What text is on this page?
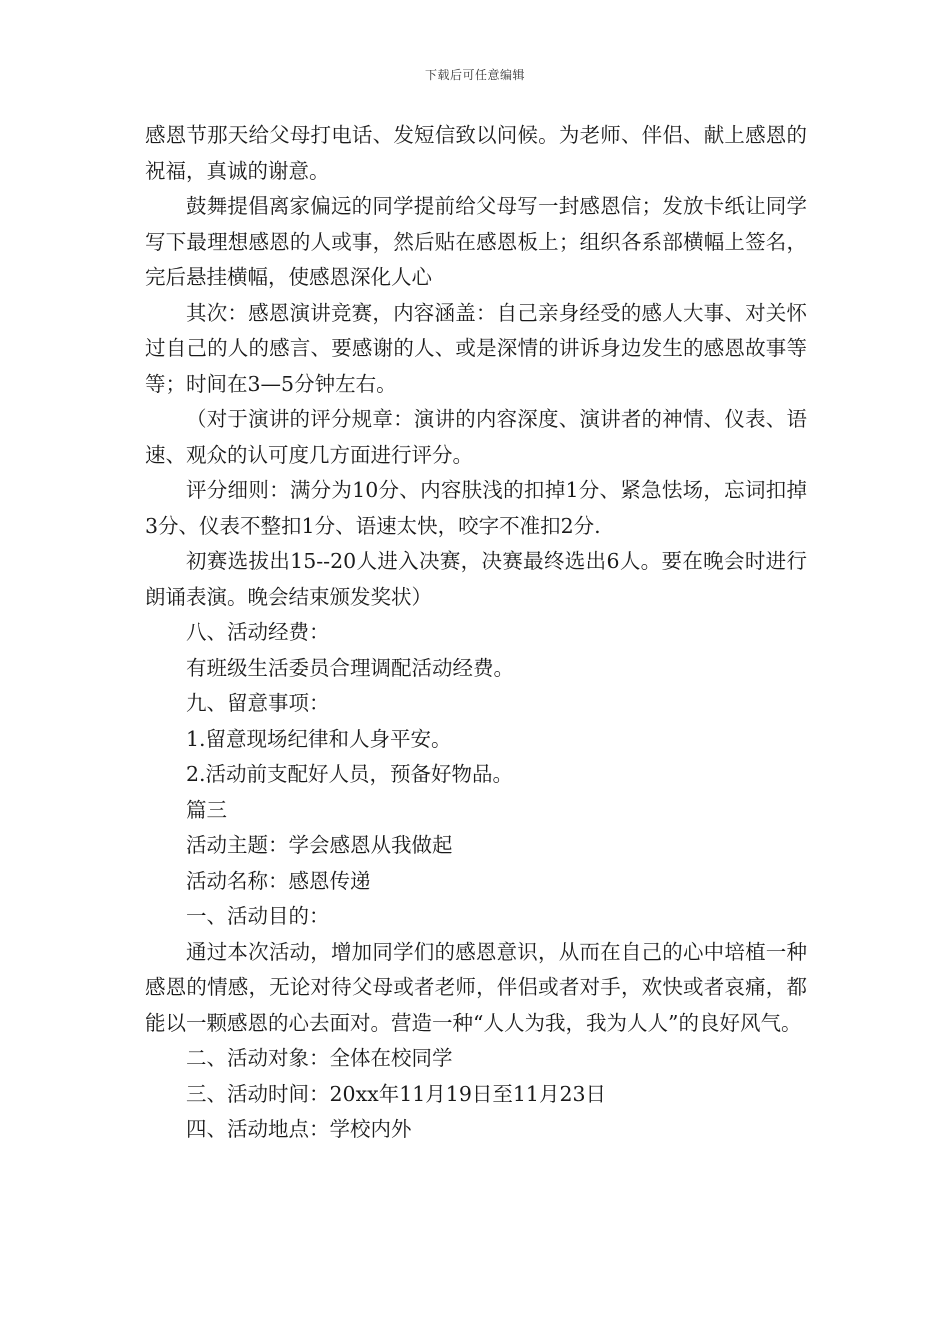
下载后可任意编辑

感恩节那天给父母打电话、发短信致以问候。为老师、伴侣、献上感恩的祝福，真诚的谢意。

鼓舞提倡离家偏远的同学提前给父母写一封感恩信；发放卡纸让同学写下最理想感恩的人或事，然后贴在感恩板上；组织各系部横幅上签名，完后悬挂横幅，使感恩深化人心

其次：感恩演讲竞赛，内容涵盖：自己亲身经受的感人大事、对关怀过自己的人的感言、要感谢的人、或是深情的讲诉身边发生的感恩故事等等；时间在3—5分钟左右。

（对于演讲的评分规章：演讲的内容深度、演讲者的神情、仪表、语速、观众的认可度几方面进行评分。

评分细则：满分为10分、内容肤浅的扣掉1分、紧急怯场，忘词扣掉3分、仪表不整扣1分、语速太快，咬字不准扣2分.

初赛选拔出15--20人进入决赛，决赛最终选出6人。要在晚会时进行朗诵表演。晚会结束颁发奖状）

八、活动经费：

有班级生活委员合理调配活动经费。

九、留意事项：

1.留意现场纪律和人身平安。

2.活动前支配好人员，预备好物品。

篇三

活动主题：学会感恩从我做起

活动名称：感恩传递

一、活动目的：

通过本次活动，增加同学们的感恩意识，从而在自己的心中培植一种感恩的情感，无论对待父母或者老师，伴侣或者对手，欢快或者哀痛，都能以一颗感恩的心去面对。营造一种“人人为我，我为人人”的良好风气。

二、活动对象：全体在校同学

三、活动时间：20xx年11月19日至11月23日

四、活动地点：学校内外
